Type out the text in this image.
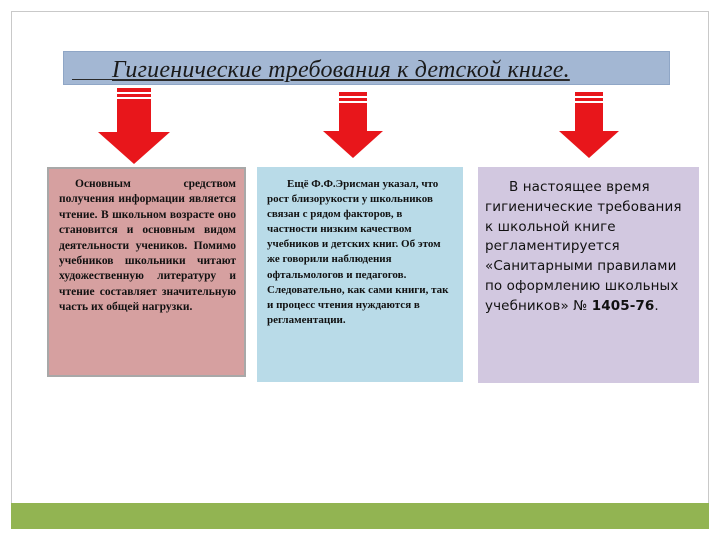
Гигиенические требования к детской книге.
Основным средством получения информации является чтение. В школьном возрасте оно становится и основным видом деятельности учеников. Помимо учебников школьники читают художественную литературу и чтение составляет значительную часть их общей нагрузки.
Ещё Ф.Ф.Эрисман указал, что рост близорукости у школьников связан с рядом факторов, в частности низким качеством учебников и детских книг. Об этом же говорили наблюдения офтальмологов и педагогов. Следовательно, как сами книги, так и процесс чтения нуждаются в регламентации.
В настоящее время гигиенические требования к школьной книге регламентируется «Санитарными правилами по оформлению школьных учебников» № 1405-76.
